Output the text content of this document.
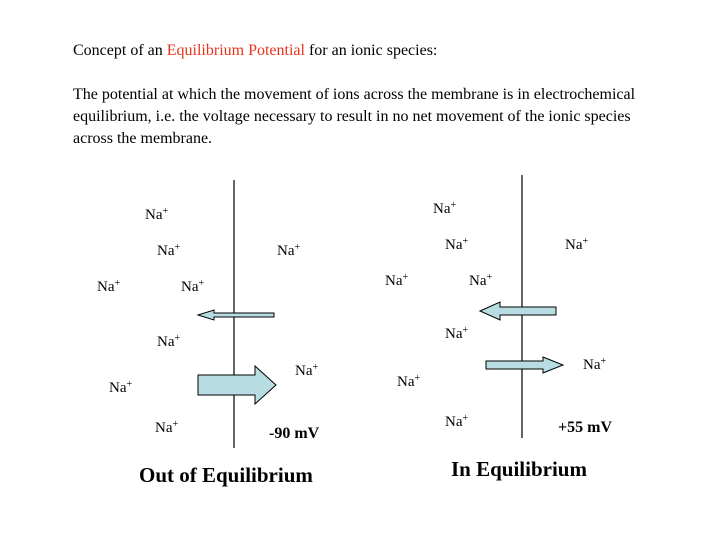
Concept of an Equilibrium Potential for an ionic species:

The potential at which the movement of ions across the membrane is in electrochemical equilibrium, i.e. the voltage necessary to result in no net movement of the ionic species across the membrane.

Na+
Na+	Na+
Na+	Na+
Na+
Na+
Na+
Na+
-90 mV
Out of Equilibrium
Na+
Na+	Na+
Na+	Na+
Na+
Na+
Na+
Na+
+55 mV
In Equilibrium
